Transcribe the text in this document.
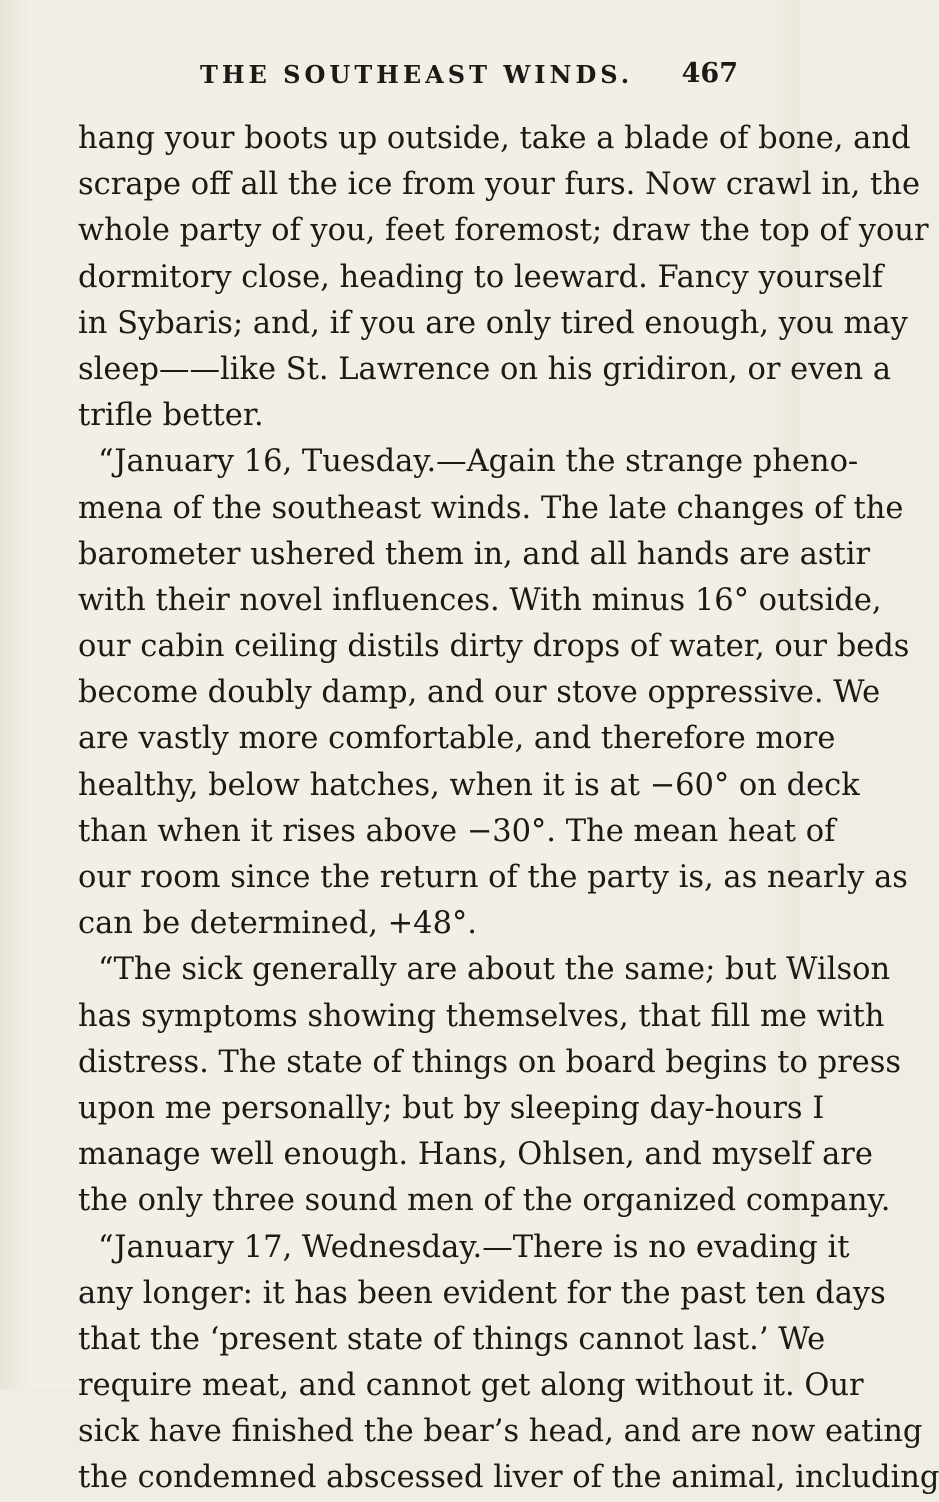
THE SOUTHEAST WINDS. 467
hang your boots up outside, take a blade of bone, and
scrape off all the ice from your furs. Now crawl in, the
whole party of you, feet foremost; draw the top of your
dormitory close, heading to leeward. Fancy yourself
in Sybaris; and, if you are only tired enough, you may
sleep——like St. Lawrence on his gridiron, or even a
trifle better.
“January 16, Tuesday.—Again the strange pheno-
mena of the southeast winds. The late changes of the
barometer ushered them in, and all hands are astir
with their novel influences. With minus 16° outside,
our cabin ceiling distils dirty drops of water, our beds
become doubly damp, and our stove oppressive. We
are vastly more comfortable, and therefore more
healthy, below hatches, when it is at −60° on deck
than when it rises above −30°. The mean heat of
our room since the return of the party is, as nearly as
can be determined, +48°.
“The sick generally are about the same; but Wilson
has symptoms showing themselves, that fill me with
distress. The state of things on board begins to press
upon me personally; but by sleeping day-hours I
manage well enough. Hans, Ohlsen, and myself are
the only three sound men of the organized company.
“January 17, Wednesday.—There is no evading it
any longer: it has been evident for the past ten days
that the ‘present state of things cannot last.’ We
require meat, and cannot get along without it. Our
sick have finished the bear’s head, and are now eating
the condemned abscessed liver of the animal, including
